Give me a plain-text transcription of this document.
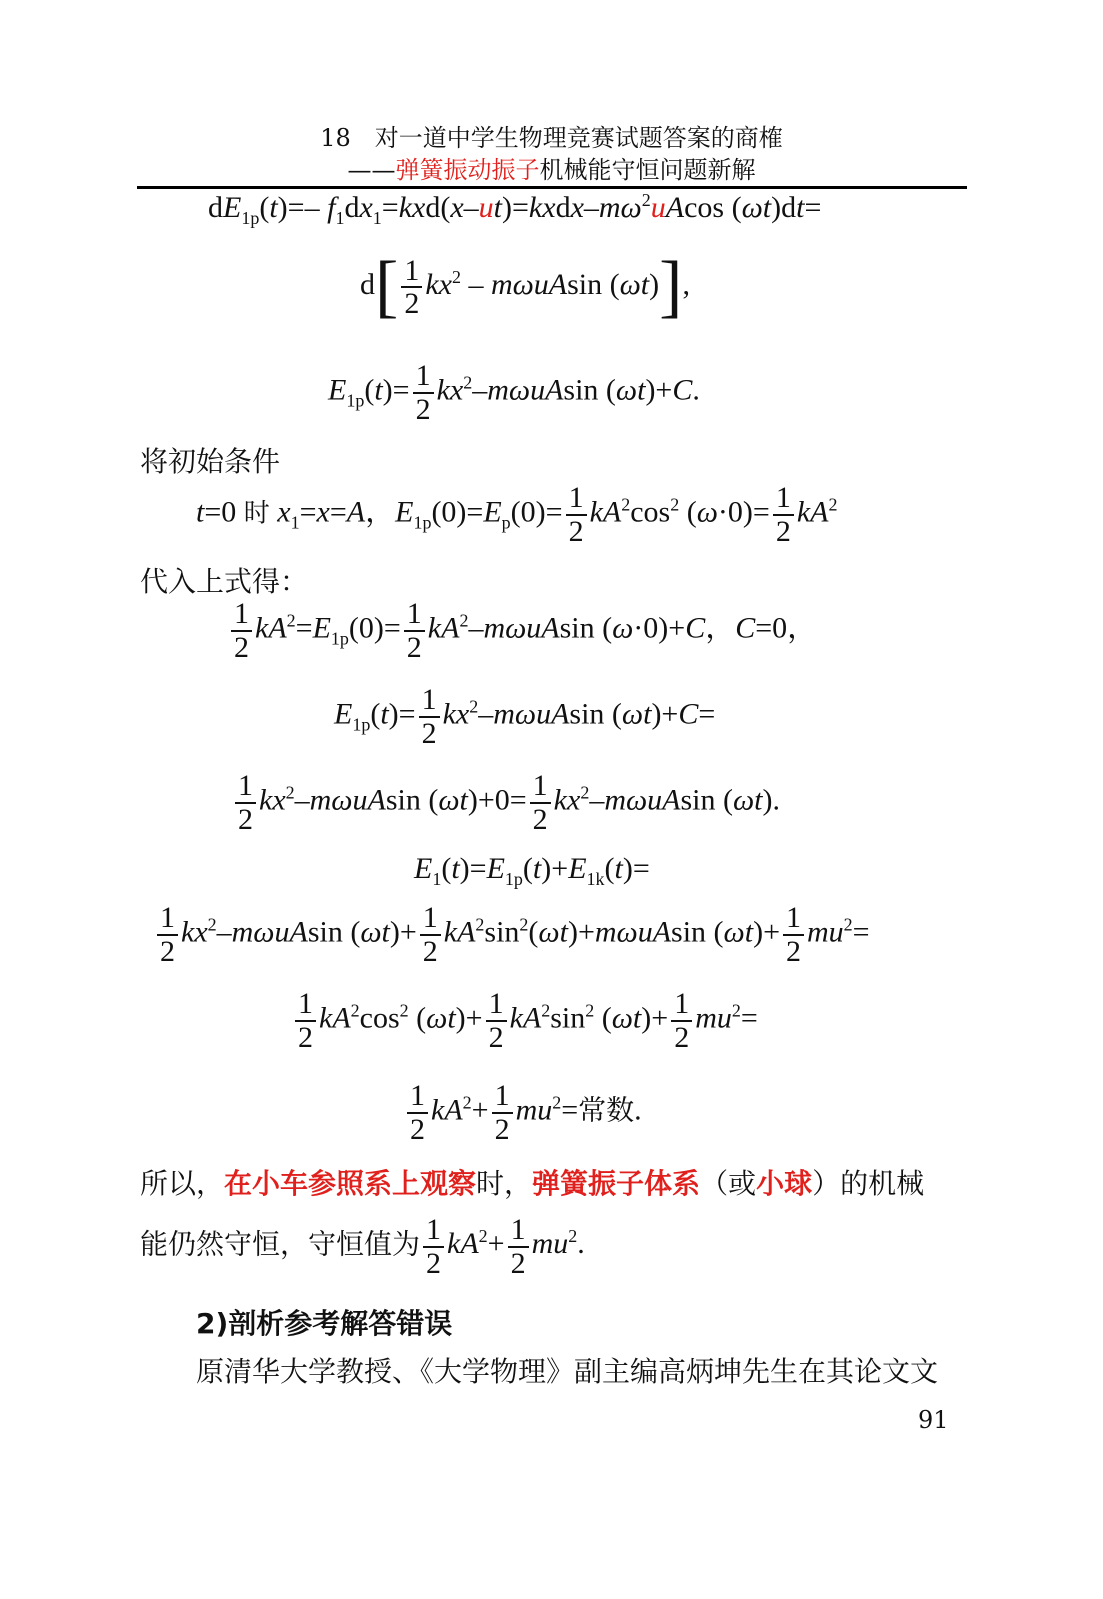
18　对一道中学生物理竞赛试题答案的商榷
——弹簧振动振子机械能守恒问题新解
$dE_{1p}(t)=-$ $f_1dx_1=kxd(x-ut)=kxdx-m\omega^2uAcos$ (ωt)dt=
$d[ \frac{1}{2} kx^2$ – mωuAsin (ωt)],
$E_{1p}(t)= \frac{1}{2} kx^2-m\omega uAsin$ (ωt)+C.
将初始条件
t=0 时 $x_1=x=A$，$E_{1p}(0)=E_p(0)= \frac{1}{2} kA^2\cos^2$ $(\omega\cdot 0)= \frac{1}{2} kA^2$
代入上式得：
$\frac{1}{2} kA^2=E_{1p}(0)= \frac{1}{2} kA^2-m\omega uAsin$ (ω·0)+C，C=0，
$E_{1p}(t)= \frac{1}{2} kx^2-m\omega uAsin$ (ωt)+C=
$\frac{1}{2} kx^2-m\omega uAsin$ $(\omega t)+0= \frac{1}{2} kx^2-m\omega uAsin$ (ωt).
$E_1(t)=E_{1p}(t)+E_{1k}(t)=$
$\frac{1}{2} kx^2-m\omega uAsin$ $(\omega t)+ \frac{1}{2} kA^2\sin^2(\omega t)+m\omega uAsin$ $(\omega t)+ \frac{1}{2} mu^2=$
$\frac{1}{2} kA^2\cos^2$ $(\omega t)+ \frac{1}{2} kA^2\sin^2$ $(\omega t)+ \frac{1}{2} mu^2=$
$\frac{1}{2} kA^2+ \frac{1}{2} mu^2=$常数.
所以，在小车参照系上观察时，弹簧振子体系（或小球）的机械
能仍然守恒，守恒值为 $\frac{1}{2} kA^2+ \frac{1}{2} mu^2$.
2)剖析参考解答错误
原清华大学教授、《大学物理》副主编高炳坤先生在其论文文
91
